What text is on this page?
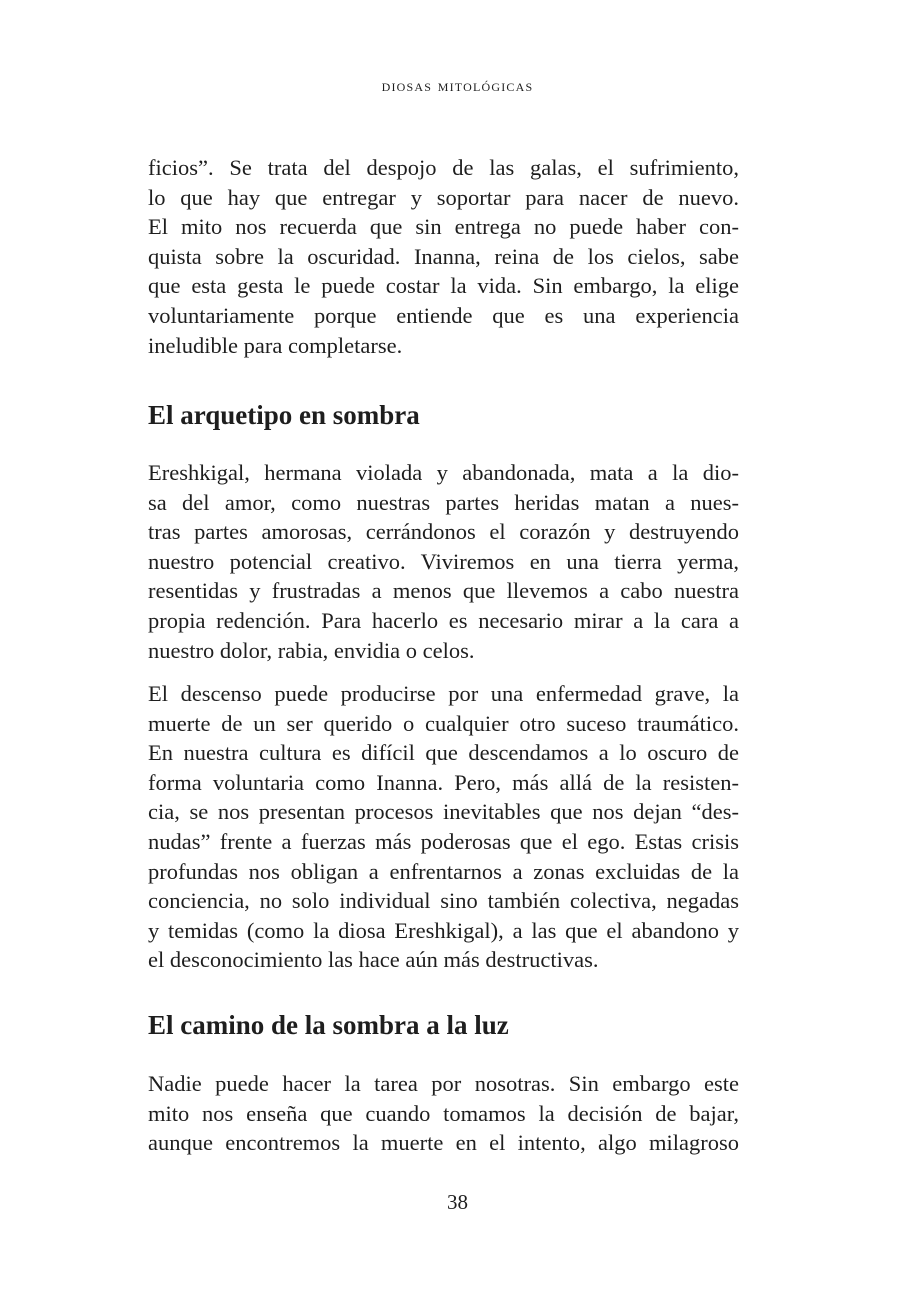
diosas mitológicas

ficios”. Se trata del despojo de las galas, el sufrimiento,
lo que hay que entregar y soportar para nacer de nuevo.
El mito nos recuerda que sin entrega no puede haber con-
quista sobre la oscuridad. Inanna, reina de los cielos, sabe
que esta gesta le puede costar la vida. Sin embargo, la elige
voluntariamente porque entiende que es una experiencia
ineludible para completarse.

El arquetipo en sombra

Ereshkigal, hermana violada y abandonada, mata a la dio-
sa del amor, como nuestras partes heridas matan a nues-
tras partes amorosas, cerrándonos el corazón y destruyendo
nuestro potencial creativo. Viviremos en una tierra yerma,
resentidas y frustradas a menos que llevemos a cabo nuestra
propia redención. Para hacerlo es necesario mirar a la cara a
nuestro dolor, rabia, envidia o celos.

El descenso puede producirse por una enfermedad grave, la
muerte de un ser querido o cualquier otro suceso traumático.
En nuestra cultura es difícil que descendamos a lo oscuro de
forma voluntaria como Inanna. Pero, más allá de la resisten-
cia, se nos presentan procesos inevitables que nos dejan “des-
nudas” frente a fuerzas más poderosas que el ego. Estas crisis
profundas nos obligan a enfrentarnos a zonas excluidas de la
conciencia, no solo individual sino también colectiva, negadas
y temidas (como la diosa Ereshkigal), a las que el abandono y
el desconocimiento las hace aún más destructivas.

El camino de la sombra a la luz

Nadie puede hacer la tarea por nosotras. Sin embargo este
mito nos enseña que cuando tomamos la decisión de bajar,
aunque encontremos la muerte en el intento, algo milagroso

38
